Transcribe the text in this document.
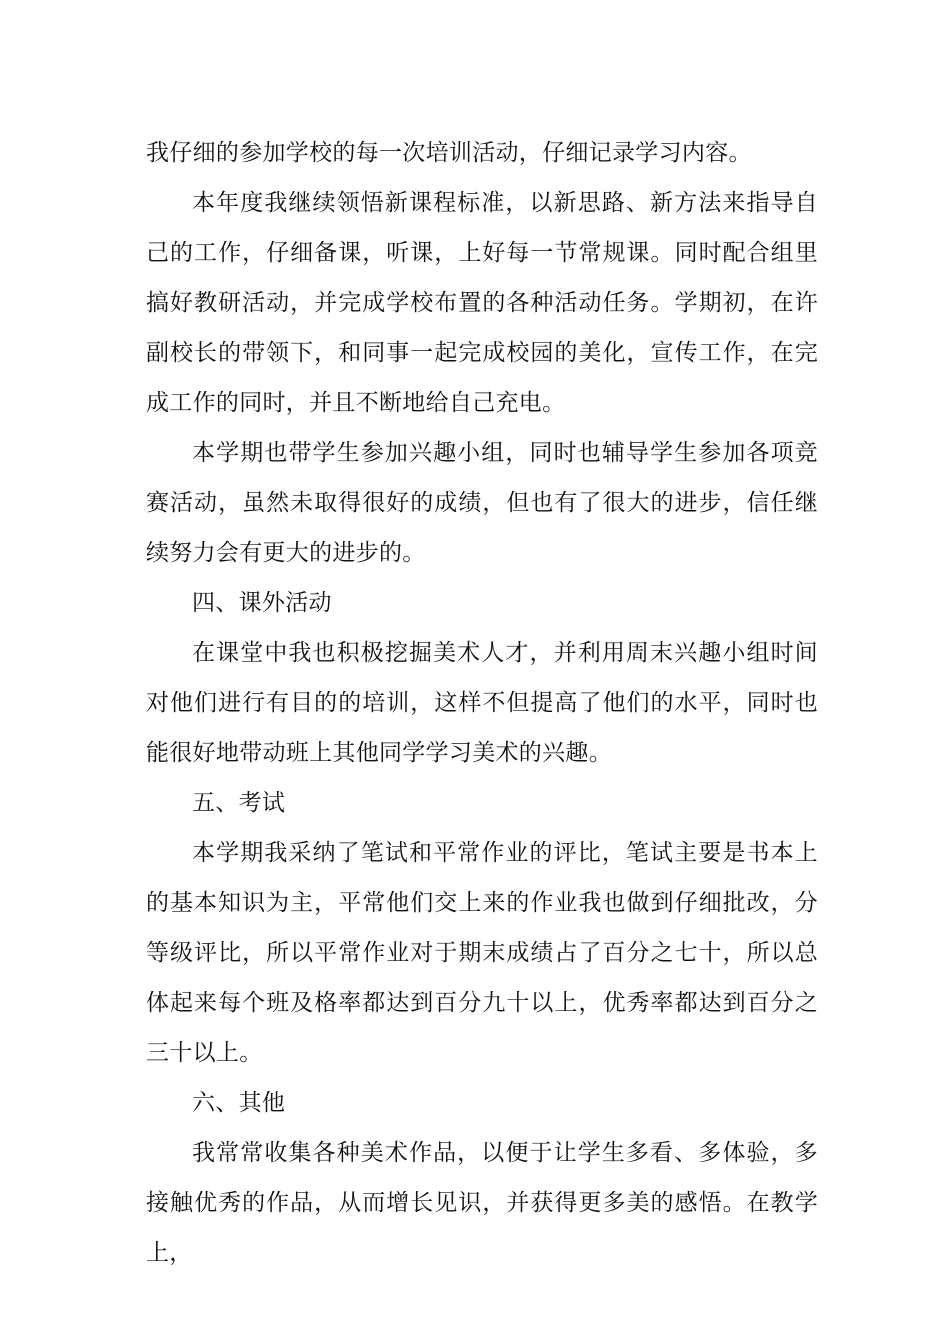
我仔细的参加学校的每一次培训活动，仔细记录学习内容。

本年度我继续领悟新课程标准，以新思路、新方法来指导自己的工作，仔细备课，听课，上好每一节常规课。同时配合组里搞好教研活动，并完成学校布置的各种活动任务。学期初，在许副校长的带领下，和同事一起完成校园的美化，宣传工作，在完成工作的同时，并且不断地给自己充电。

本学期也带学生参加兴趣小组，同时也辅导学生参加各项竞赛活动，虽然未取得很好的成绩，但也有了很大的进步，信任继续努力会有更大的进步的。

四、课外活动

在课堂中我也积极挖掘美术人才，并利用周末兴趣小组时间对他们进行有目的的培训，这样不但提高了他们的水平，同时也能很好地带动班上其他同学学习美术的兴趣。

五、考试

本学期我采纳了笔试和平常作业的评比，笔试主要是书本上的基本知识为主，平常他们交上来的作业我也做到仔细批改，分等级评比，所以平常作业对于期末成绩占了百分之七十，所以总体起来每个班及格率都达到百分九十以上，优秀率都达到百分之三十以上。

六、其他

我常常收集各种美术作品，以便于让学生多看、多体验，多接触优秀的作品，从而增长见识，并获得更多美的感悟。在教学上，
